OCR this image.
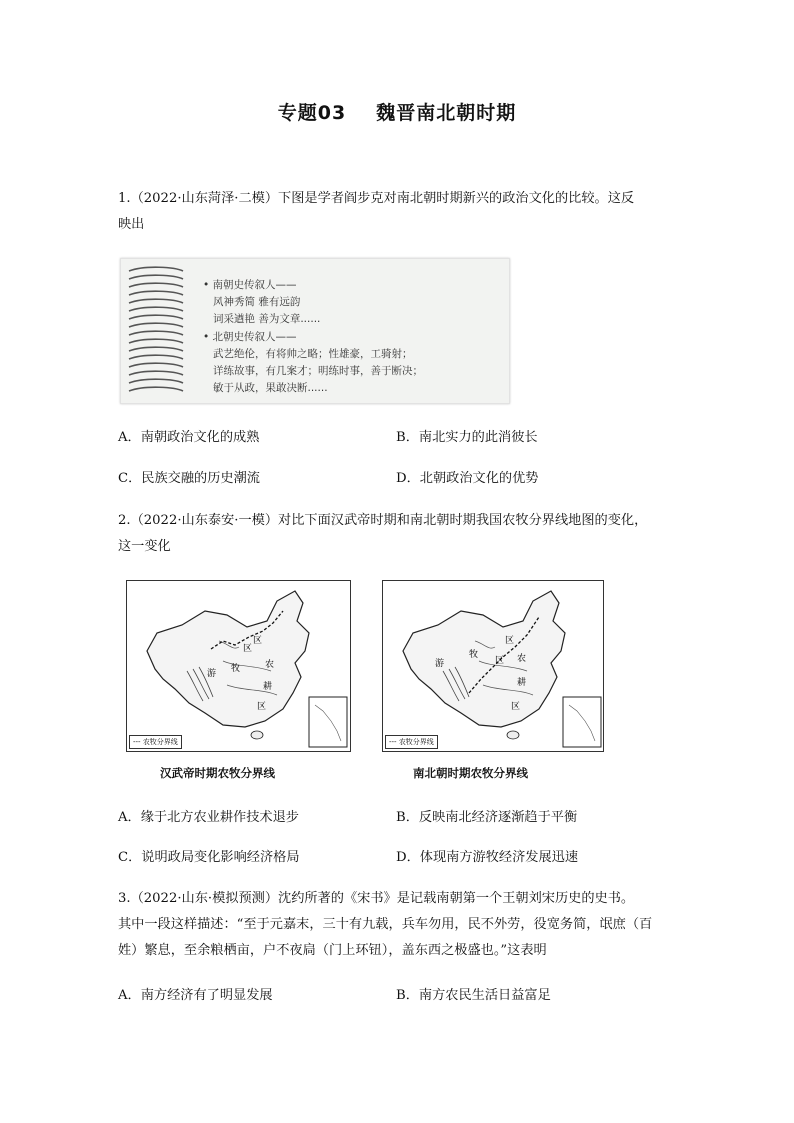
专题03 魏晋南北朝时期
1.（2022·山东菏泽·二模）下图是学者阎步克对南北朝时期新兴的政治文化的比较。这反
映出
• 南朝史传叙人——
风神秀简 雅有远韵
词采遒艳 善为文章......
• 北朝史传叙人——
武艺绝伦，有将帅之略；性雄豪，工骑射；
详练故事，有几案才；明练时事，善于断决；
敏于从政，果敢决断......
A．南朝政治文化的成熟	B．南北实力的此消彼长
C．民族交融的历史潮流	D．北朝政治文化的优势
2.（2022·山东泰安·一模）对比下面汉武帝时期和南北朝时期我国农牧分界线地图的变化，
这一变化
游 牧
区
农
耕
区
区
--- 农牧分界线
汉武帝时期农牧分界线
游
牧
区
农
耕
区
区
--- 农牧分界线
南北朝时期农牧分界线
A．缘于北方农业耕作技术退步	B．反映南北经济逐渐趋于平衡
C．说明政局变化影响经济格局	D．体现南方游牧经济发展迅速
3.（2022·山东·模拟预测）沈约所著的《宋书》是记载南朝第一个王朝刘宋历史的史书。
其中一段这样描述：“至于元嘉末，三十有九载，兵车勿用，民不外劳，役宽务简，氓庶（百
姓）繁息，至余粮栖亩，户不夜扃（门上环钮），盖东西之极盛也。”这表明
A．南方经济有了明显发展	B．南方农民生活日益富足
